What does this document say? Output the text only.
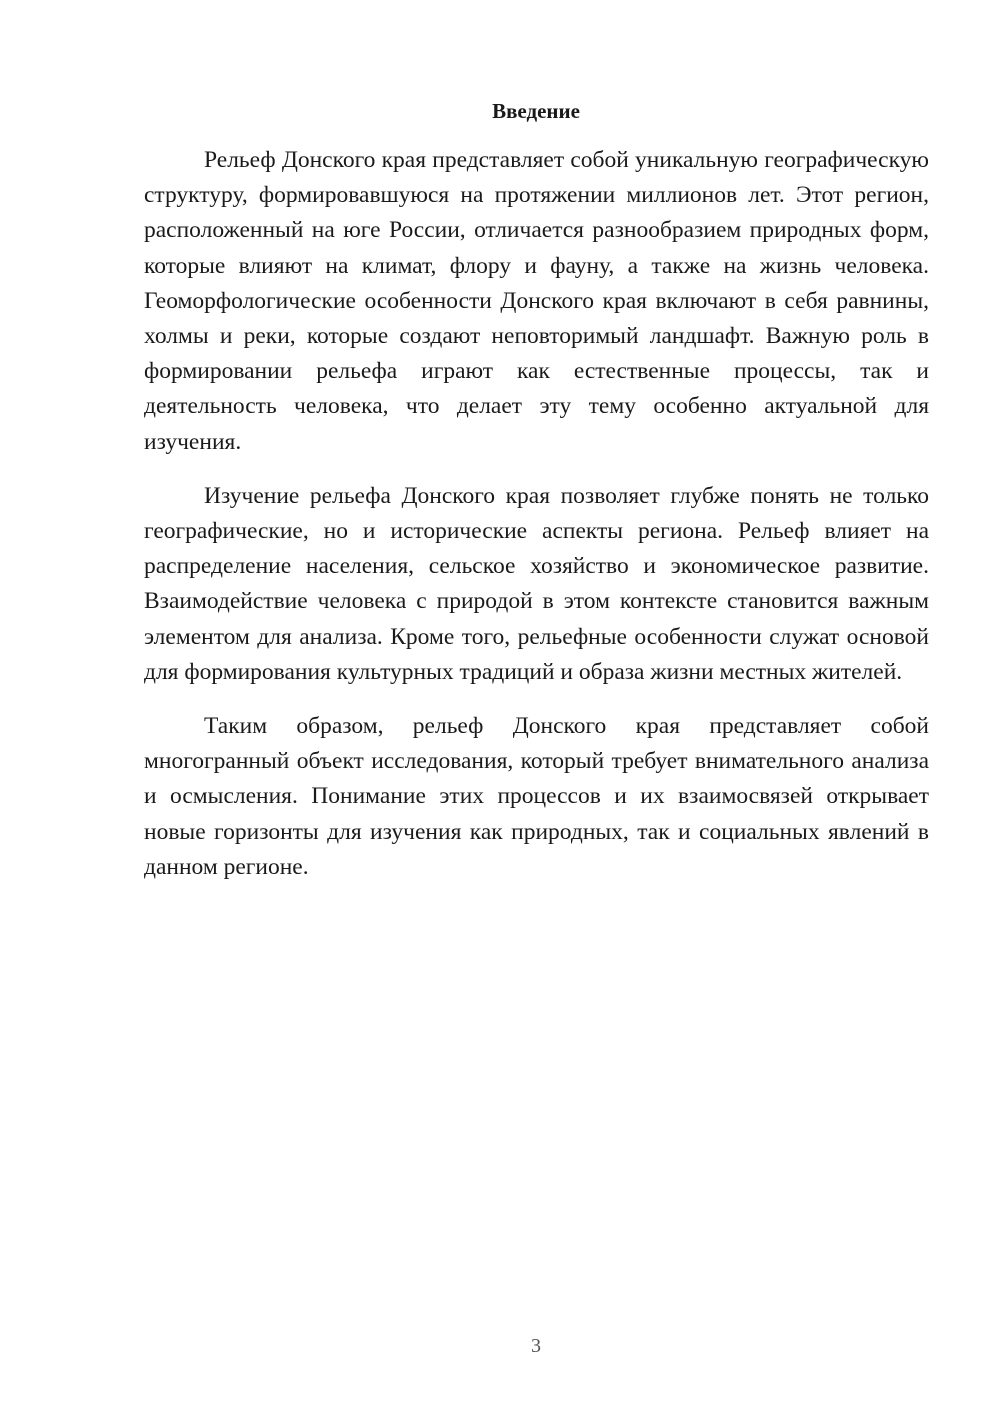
Введение

Рельеф Донского края представляет собой уникальную географическую структуру, формировавшуюся на протяжении миллионов лет. Этот регион, расположенный на юге России, отличается разнообразием природных форм, которые влияют на климат, флору и фауну, а также на жизнь человека. Геоморфологические особенности Донского края включают в себя равнины, холмы и реки, которые создают неповторимый ландшафт. Важную роль в формировании рельефа играют как естественные процессы, так и деятельность человека, что делает эту тему особенно актуальной для изучения.

Изучение рельефа Донского края позволяет глубже понять не только географические, но и исторические аспекты региона. Рельеф влияет на распределение населения, сельское хозяйство и экономическое развитие. Взаимодействие человека с природой в этом контексте становится важным элементом для анализа. Кроме того, рельефные особенности служат основой для формирования культурных традиций и образа жизни местных жителей.

Таким образом, рельеф Донского края представляет собой многогранный объект исследования, который требует внимательного анализа и осмысления. Понимание этих процессов и их взаимосвязей открывает новые горизонты для изучения как природных, так и социальных явлений в данном регионе.

3
